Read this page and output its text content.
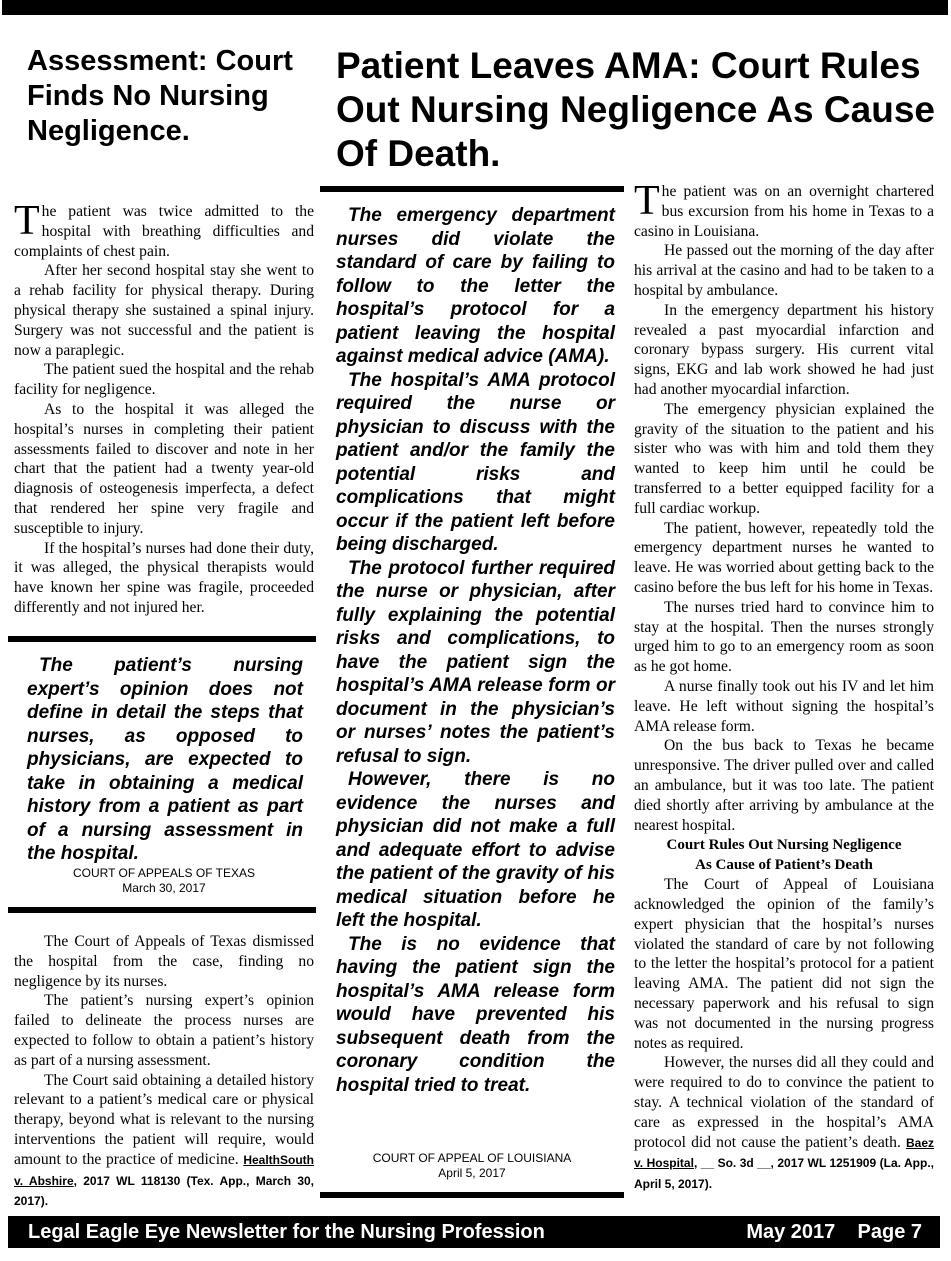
Assessment: Court Finds No Nursing Negligence.
Patient Leaves AMA: Court Rules Out Nursing Negligence As Cause Of Death.

The patient was twice admitted to the hospital with breathing difficulties and complaints of chest pain.

After her second hospital stay she went to a rehab facility for physical therapy. During physical therapy she sustained a spinal injury. Surgery was not successful and the patient is now a paraplegic.

The patient sued the hospital and the rehab facility for negligence.

As to the hospital it was alleged the hospital’s nurses in completing their patient assessments failed to discover and note in her chart that the patient had a twenty year-old diagnosis of osteogenesis imperfecta, a defect that rendered her spine very fragile and susceptible to injury.

If the hospital’s nurses had done their duty, it was alleged, the physical therapists would have known her spine was fragile, proceeded differently and not injured her.

The patient’s nursing expert’s opinion does not define in detail the steps that nurses, as opposed to physicians, are expected to take in obtaining a medical history from a patient as part of a nursing assessment in the hospital.

COURT OF APPEALS OF TEXAS
March 30, 2017

The Court of Appeals of Texas dismissed the hospital from the case, finding no negligence by its nurses.

The patient’s nursing expert’s opinion failed to delineate the process nurses are expected to follow to obtain a patient’s history as part of a nursing assessment.

The Court said obtaining a detailed history relevant to a patient’s medical care or physical therapy, beyond what is relevant to the nursing interventions the patient will require, would amount to the practice of medicine. HealthSouth v. Abshire, 2017 WL 118130 (Tex. App., March 30, 2017).

The emergency department nurses did violate the standard of care by failing to follow to the letter the hospital’s protocol for a patient leaving the hospital against medical advice (AMA).

The hospital’s AMA protocol required the nurse or physician to discuss with the patient and/or the family the potential risks and complications that might occur if the patient left before being discharged.

The protocol further required the nurse or physician, after fully explaining the potential risks and complications, to have the patient sign the hospital’s AMA release form or document in the physician’s or nurses’ notes the patient’s refusal to sign.

However, there is no evidence the nurses and physician did not make a full and adequate effort to advise the patient of the gravity of his medical situation before he left the hospital.

The is no evidence that having the patient sign the hospital’s AMA release form would have prevented his subsequent death from the coronary condition the hospital tried to treat.

COURT OF APPEAL OF LOUISIANA
April 5, 2017

The patient was on an overnight chartered bus excursion from his home in Texas to a casino in Louisiana.

He passed out the morning of the day after his arrival at the casino and had to be taken to a hospital by ambulance.

In the emergency department his history revealed a past myocardial infarction and coronary bypass surgery. His current vital signs, EKG and lab work showed he had just had another myocardial infarction.

The emergency physician explained the gravity of the situation to the patient and his sister who was with him and told them they wanted to keep him until he could be transferred to a better equipped facility for a full cardiac workup.

The patient, however, repeatedly told the emergency department nurses he wanted to leave. He was worried about getting back to the casino before the bus left for his home in Texas.

The nurses tried hard to convince him to stay at the hospital. Then the nurses strongly urged him to go to an emergency room as soon as he got home.

A nurse finally took out his IV and let him leave. He left without signing the hospital’s AMA release form.

On the bus back to Texas he became unresponsive. The driver pulled over and called an ambulance, but it was too late. The patient died shortly after arriving by ambulance at the nearest hospital.

Court Rules Out Nursing Negligence
As Cause of Patient’s Death

The Court of Appeal of Louisiana acknowledged the opinion of the family’s expert physician that the hospital’s nurses violated the standard of care by not following to the letter the hospital’s protocol for a patient leaving AMA. The patient did not sign the necessary paperwork and his refusal to sign was not documented in the nursing progress notes as required.

However, the nurses did all they could and were required to do to convince the patient to stay. A technical violation of the standard of care as expressed in the hospital’s AMA protocol did not cause the patient’s death. Baez v. Hospital, __ So. 3d __, 2017 WL 1251909 (La. App., April 5, 2017).

Legal Eagle Eye Newsletter for the Nursing Profession	May 2017    Page 7
